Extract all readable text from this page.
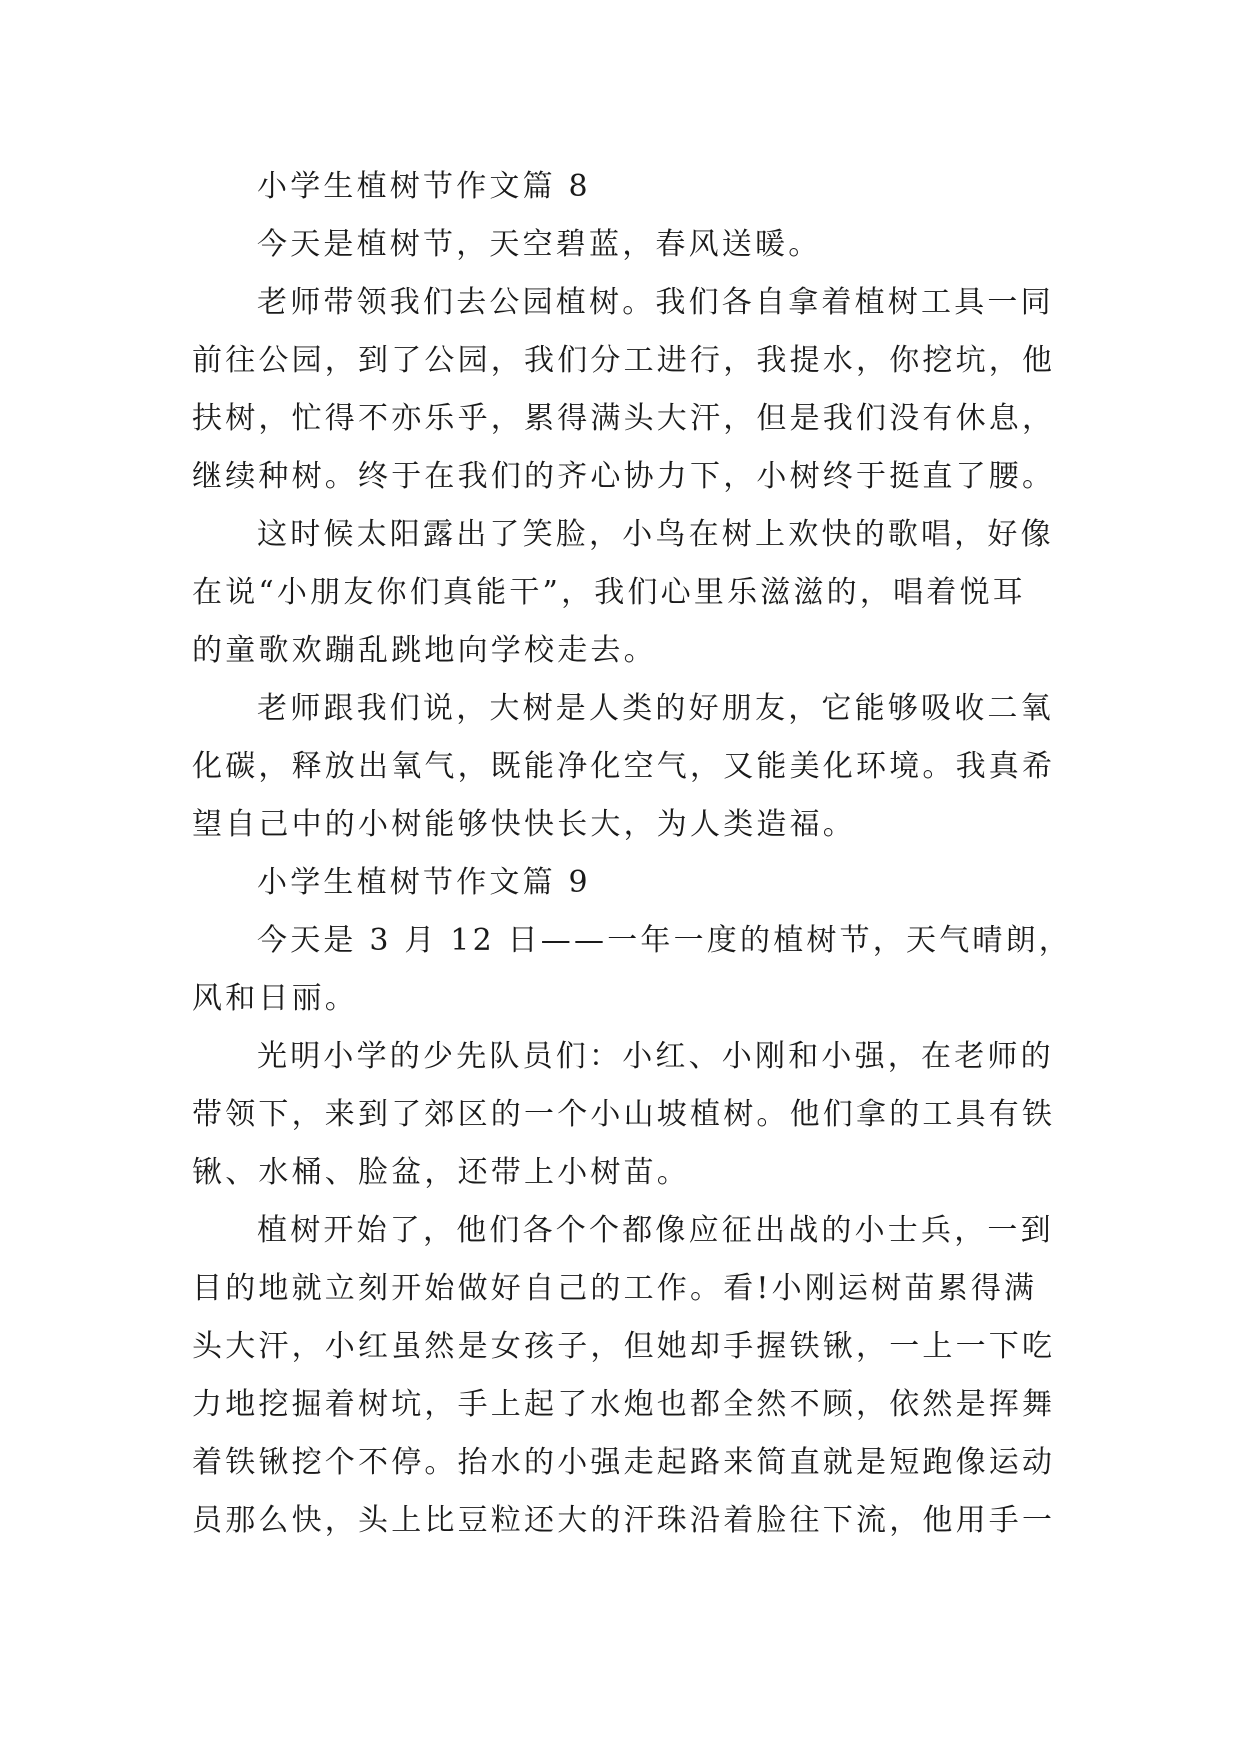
小学生植树节作文篇 8
今天是植树节，天空碧蓝，春风送暖。
老师带领我们去公园植树。我们各自拿着植树工具一同
前往公园，到了公园，我们分工进行，我提水，你挖坑，他
扶树，忙得不亦乐乎，累得满头大汗，但是我们没有休息，
继续种树。终于在我们的齐心协力下，小树终于挺直了腰。
这时候太阳露出了笑脸，小鸟在树上欢快的歌唱，好像
在说“小朋友你们真能干”，我们心里乐滋滋的，唱着悦耳
的童歌欢蹦乱跳地向学校走去。
老师跟我们说，大树是人类的好朋友，它能够吸收二氧
化碳，释放出氧气，既能净化空气，又能美化环境。我真希
望自己中的小树能够快快长大，为人类造福。
小学生植树节作文篇 9
今天是 3 月 12 日——一年一度的植树节，天气晴朗，
风和日丽。
光明小学的少先队员们：小红、小刚和小强，在老师的
带领下，来到了郊区的一个小山坡植树。他们拿的工具有铁
锹、水桶、脸盆，还带上小树苗。
植树开始了，他们各个个都像应征出战的小士兵，一到
目的地就立刻开始做好自己的工作。看!小刚运树苗累得满
头大汗，小红虽然是女孩子，但她却手握铁锹，一上一下吃
力地挖掘着树坑，手上起了水炮也都全然不顾，依然是挥舞
着铁锹挖个不停。抬水的小强走起路来简直就是短跑像运动
员那么快，头上比豆粒还大的汗珠沿着脸往下流，他用手一
